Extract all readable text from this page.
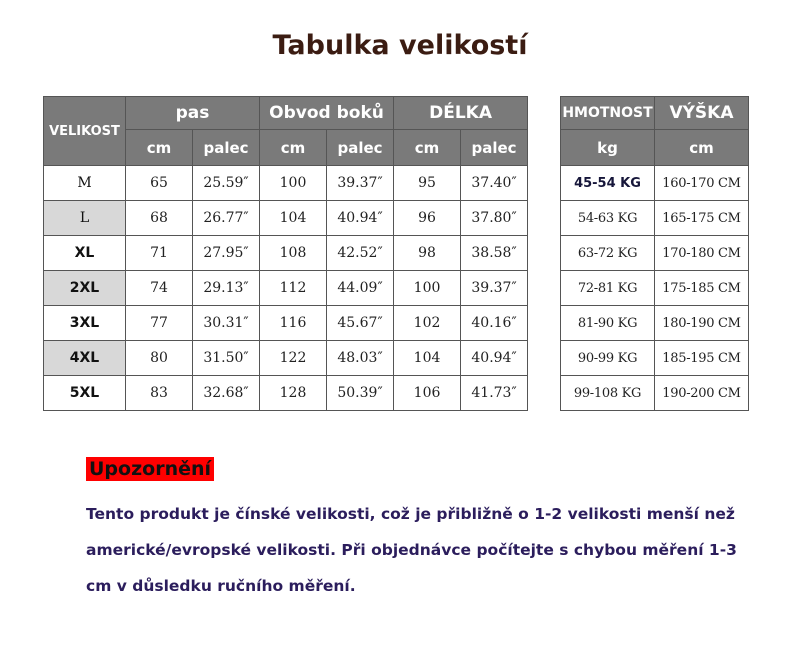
Tabulka velikostí
VELIKOST	pas		Obvod boků		DÉLKA	
	cm	palec	cm	palec	cm	palec
M	65	25.59″	100	39.37″	95	37.40″
L	68	26.77″	104	40.94″	96	37.80″
XL	71	27.95″	108	42.52″	98	38.58″
2XL	74	29.13″	112	44.09″	100	39.37″
3XL	77	30.31″	116	45.67″	102	40.16″
4XL	80	31.50″	122	48.03″	104	40.94″
5XL	83	32.68″	128	50.39″	106	41.73″
HMOTNOST	VÝŠKA
kg	cm
45-54 KG	160-170 CM
54-63 KG	165-175 CM
63-72 KG	170-180 CM
72-81 KG	175-185 CM
81-90 KG	180-190 CM
90-99 KG	185-195 CM
99-108 KG	190-200 CM
Upozornění
Tento produkt je čínské velikosti, což je přibližně o 1-2 velikosti menší než
americké/evropské velikosti. Při objednávce počítejte s chybou měření 1-3
cm v důsledku ručního měření.
